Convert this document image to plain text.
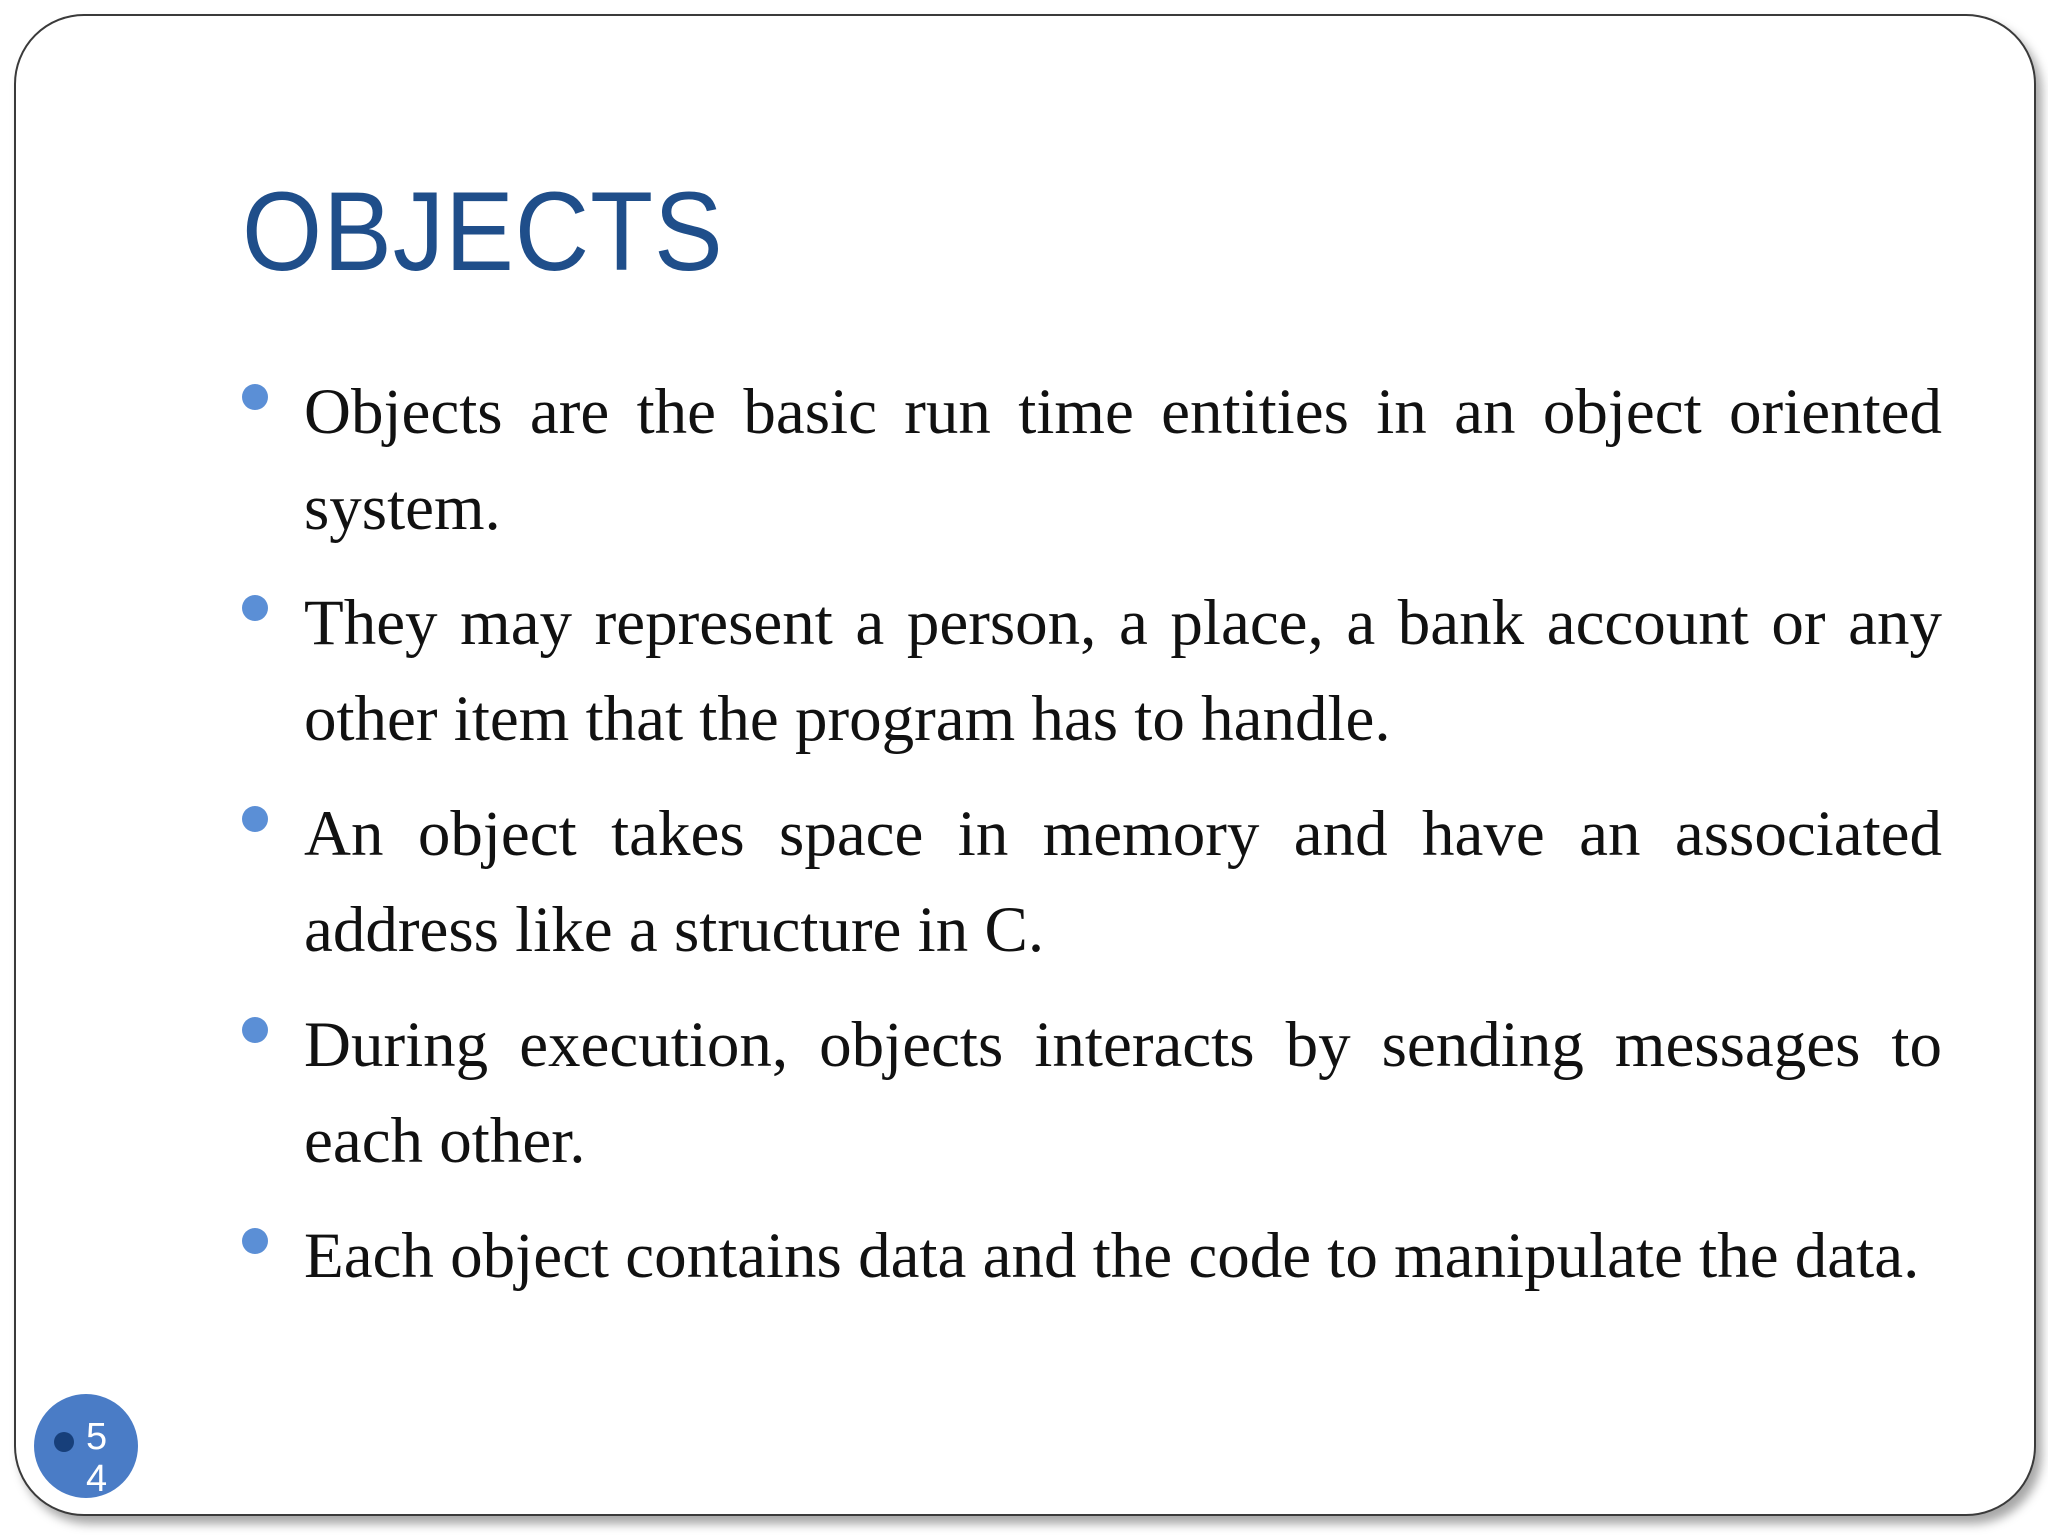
OBJECTS
Objects are the basic run time entities in an object oriented system.
They may represent a person, a place, a bank account or any other item that the program has to handle.
An object takes space in memory and have an associated address like a structure in C.
During execution, objects interacts by sending messages to each other.
Each object contains data and the code to manipulate the data.
54
